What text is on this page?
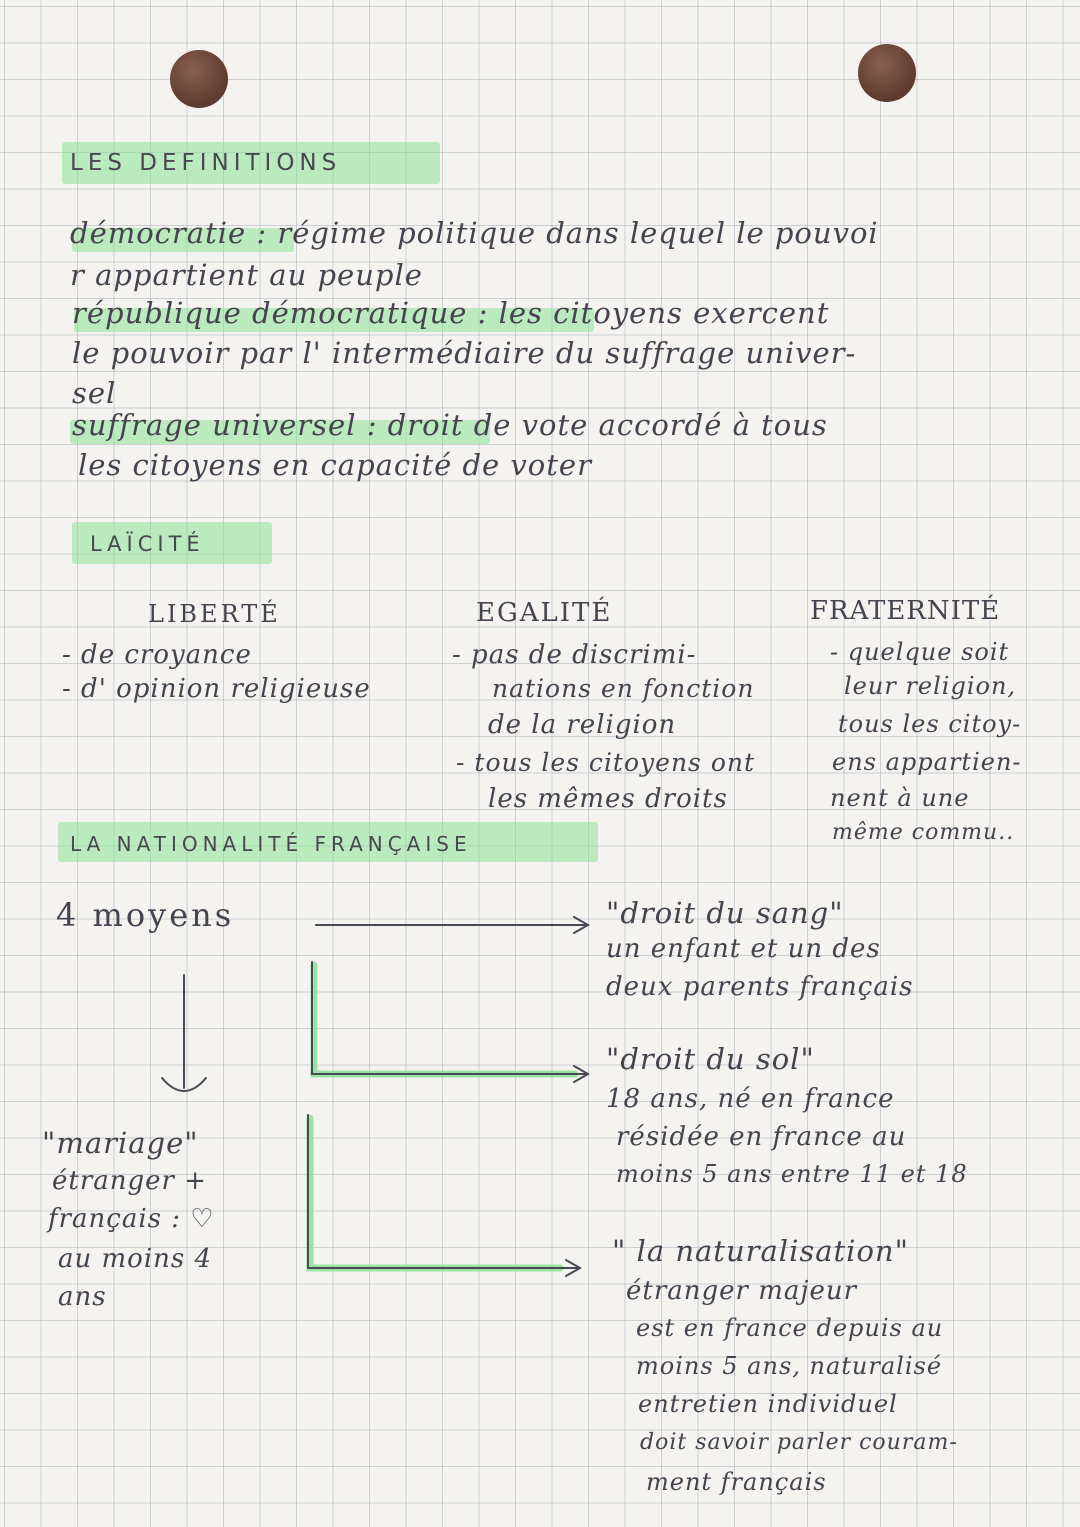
LES DEFINITIONS
démocratie : régime politique dans lequel le pouvoi
r appartient au peuple
république démocratique : les citoyens exercent
le pouvoir par l' intermédiaire du suffrage univer-
sel
suffrage universel : droit de vote accordé à tous
les citoyens en capacité de voter
LAÏCITÉ
LIBERTÉ
- de croyance
- d' opinion religieuse
EGALITÉ
- pas de discrimi-
nations en fonction
de la religion
- tous les citoyens ont
les mêmes droits
FRATERNITÉ
- quelque soit
leur religion,
tous les citoy-
ens appartien-
nent à une
même commu..
LA NATIONALITÉ FRANÇAISE
4 moyens	"droit du sang"
un enfant et un des
deux parents français
"droit du sol"
18 ans, né en france
résidée en france au
moins 5 ans entre 11 et 18
"mariage"
étranger +
français : ♡
au moins 4
ans
" la naturalisation"
étranger majeur
est en france depuis au
moins 5 ans, naturalisé
entretien individuel
doit savoir parler couram-
ment français
